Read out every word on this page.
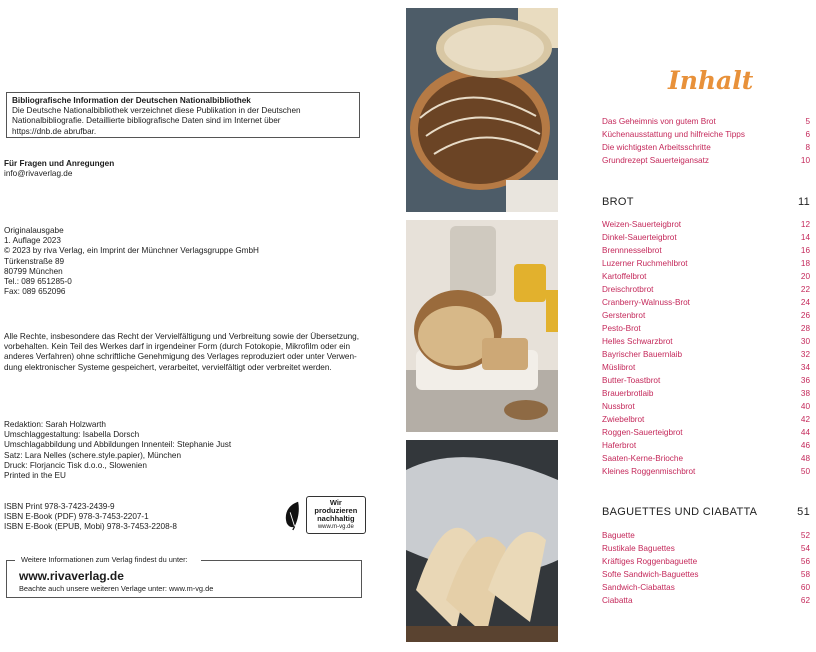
Bibliografische Information der Deutschen Nationalbibliothek
Die Deutsche Nationalbibliothek verzeichnet diese Publikation in der Deutschen
Nationalbibliografie. Detaillierte bibliografische Daten sind im Internet über
https://dnb.de abrufbar.
Für Fragen und Anregungen
info@rivaverlag.de
Originalausgabe
1. Auflage 2023
© 2023 by riva Verlag, ein Imprint der Münchner Verlagsgruppe GmbH
Türkenstraße 89
80799 München
Tel.: 089 651285-0
Fax: 089 652096
Alle Rechte, insbesondere das Recht der Vervielfältigung und Verbreitung sowie der Übersetzung,
vorbehalten. Kein Teil des Werkes darf in irgendeiner Form (durch Fotokopie, Mikrofilm oder ein
anderes Verfahren) ohne schriftliche Genehmigung des Verlages reproduziert oder unter Verwen-
dung elektronischer Systeme gespeichert, verarbeitet, vervielfältigt oder verbreitet werden.
Redaktion: Sarah Holzwarth
Umschlaggestaltung: Isabella Dorsch
Umschlagabbildung und Abbildungen Innenteil: Stephanie Just
Satz: Lara Nelles (schere.style.papier), München
Druck: Florjancic Tisk d.o.o., Slowenien
Printed in the EU
ISBN Print 978-3-7423-2439-9
ISBN E-Book (PDF) 978-3-7453-2207-1
ISBN E-Book (EPUB, Mobi) 978-3-7453-2208-8
Wir produzieren
nachhaltig
www.m-vg.de
Weitere Informationen zum Verlag findest du unter:
www.rivaverlag.de
Beachte auch unsere weiteren Verlage unter: www.m-vg.de
Inhalt
Das Geheimnis von gutem Brot	5
Küchenausstattung und hilfreiche Tipps	6
Die wichtigsten Arbeitsschritte	8
Grundrezept Sauerteigansatz	10
BROT	11
Weizen-Sauerteigbrot	12
Dinkel-Sauerteigbrot	14
Brennnesselbrot	16
Luzerner Ruchmehlbrot	18
Kartoffelbrot	20
Dreischrotbrot	22
Cranberry-Walnuss-Brot	24
Gerstenbrot	26
Pesto-Brot	28
Helles Schwarzbrot	30
Bayrischer Bauernlaib	32
Müslibrot	34
Butter-Toastbrot	36
Brauerbrotlaib	38
Nussbrot	40
Zwiebelbrot	42
Roggen-Sauerteigbrot	44
Haferbrot	46
Saaten-Kerne-Brioche	48
Kleines Roggenmischbrot	50
BAGUETTES UND CIABATTA	51
Baguette	52
Rustikale Baguettes	54
Kräftiges Roggenbaguette	56
Softe Sandwich-Baguettes	58
Sandwich-Ciabattas	60
Ciabatta	62
